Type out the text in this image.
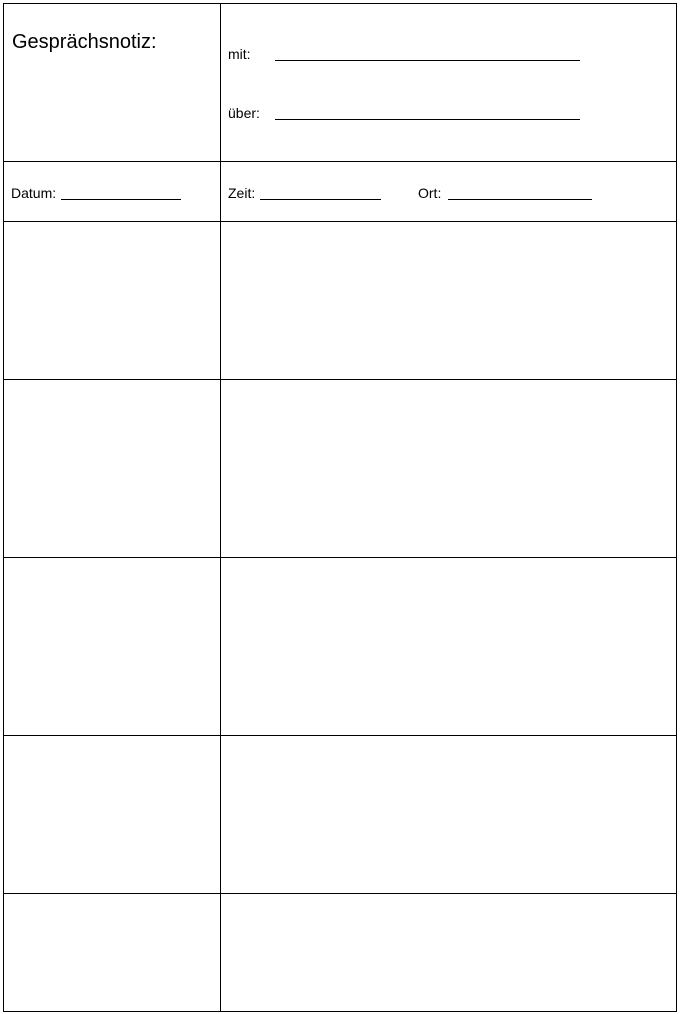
Gesprächsnotiz:
mit:
über:
Datum:	Zeit:	Ort:
